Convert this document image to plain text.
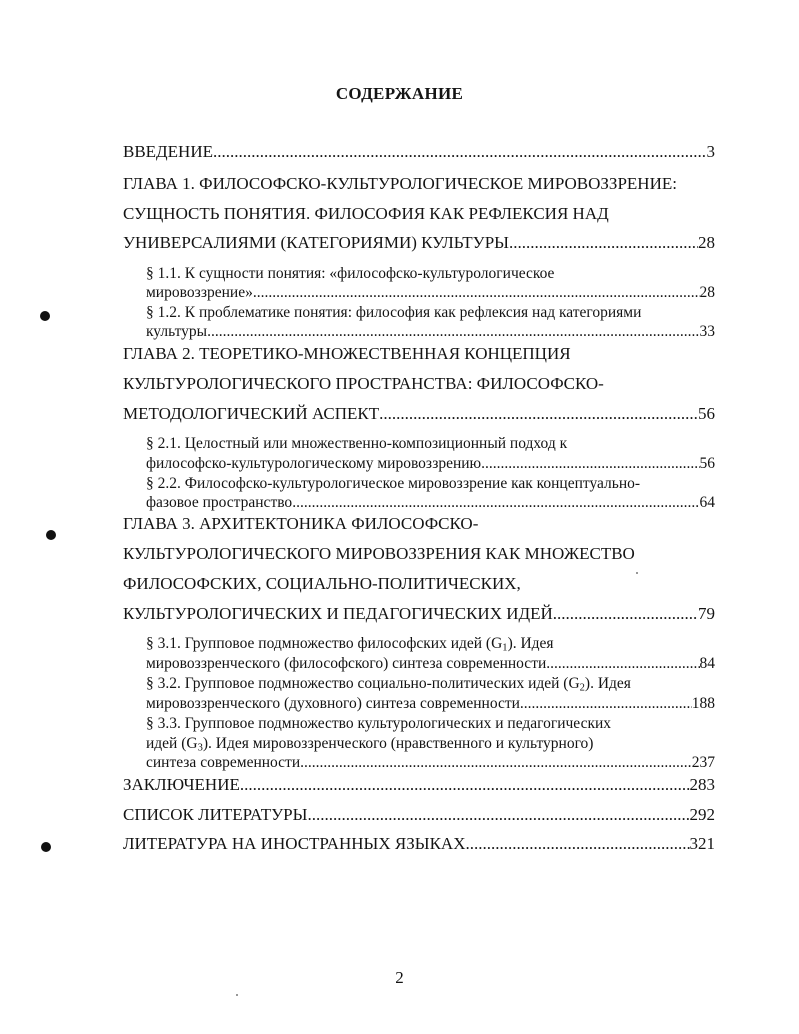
СОДЕРЖАНИЕ
ВВЕДЕНИЕ .....	3
ГЛАВА 1. ФИЛОСОФСКО-КУЛЬТУРОЛОГИЧЕСКОЕ МИРОВОЗЗРЕНИЕ:
СУЩНОСТЬ ПОНЯТИЯ. ФИЛОСОФИЯ КАК РЕФЛЕКСИЯ НАД
УНИВЕРСАЛИЯМИ (КАТЕГОРИЯМИ) КУЛЬТУРЫ .....	28
§ 1.1. К сущности понятия: «философско-культурологическое
мировоззрение» .....	28
§ 1.2. К проблематике понятия: философия как рефлексия над категориями
культуры .....	33
ГЛАВА 2. ТЕОРЕТИКО-МНОЖЕСТВЕННАЯ КОНЦЕПЦИЯ
КУЛЬТУРОЛОГИЧЕСКОГО ПРОСТРАНСТВА: ФИЛОСОФСКО-
МЕТОДОЛОГИЧЕСКИЙ АСПЕКТ .....	56
§ 2.1. Целостный или множественно-композиционный подход к
философско-культурологическому мировоззрению .....	56
§ 2.2. Философско-культурологическое мировоззрение как концептуально-
фазовое пространство .....	64
ГЛАВА 3. АРХИТЕКТОНИКА ФИЛОСОФСКО-
КУЛЬТУРОЛОГИЧЕСКОГО МИРОВОЗЗРЕНИЯ КАК МНОЖЕСТВО
ФИЛОСОФСКИХ, СОЦИАЛЬНО-ПОЛИТИЧЕСКИХ,
КУЛЬТУРОЛОГИЧЕСКИХ И ПЕДАГОГИЧЕСКИХ ИДЕЙ .....	79
§ 3.1. Групповое подмножество философских идей $(G_1)$. Идея
мировоззренческого (философского) синтеза современности .....	84
§ 3.2. Групповое подмножество социально-политических идей $(G_2)$. Идея
мировоззренческого (духовного) синтеза современности .....	188
§ 3.3. Групповое подмножество культурологических и педагогических
идей $(G_3)$. Идея мировоззренческого (нравственного и культурного)
синтеза современности .....	237
ЗАКЛЮЧЕНИЕ .....	283
СПИСОК ЛИТЕРАТУРЫ .....	292
ЛИТЕРАТУРА НА ИНОСТРАННЫХ ЯЗЫКАХ .....	321
2
